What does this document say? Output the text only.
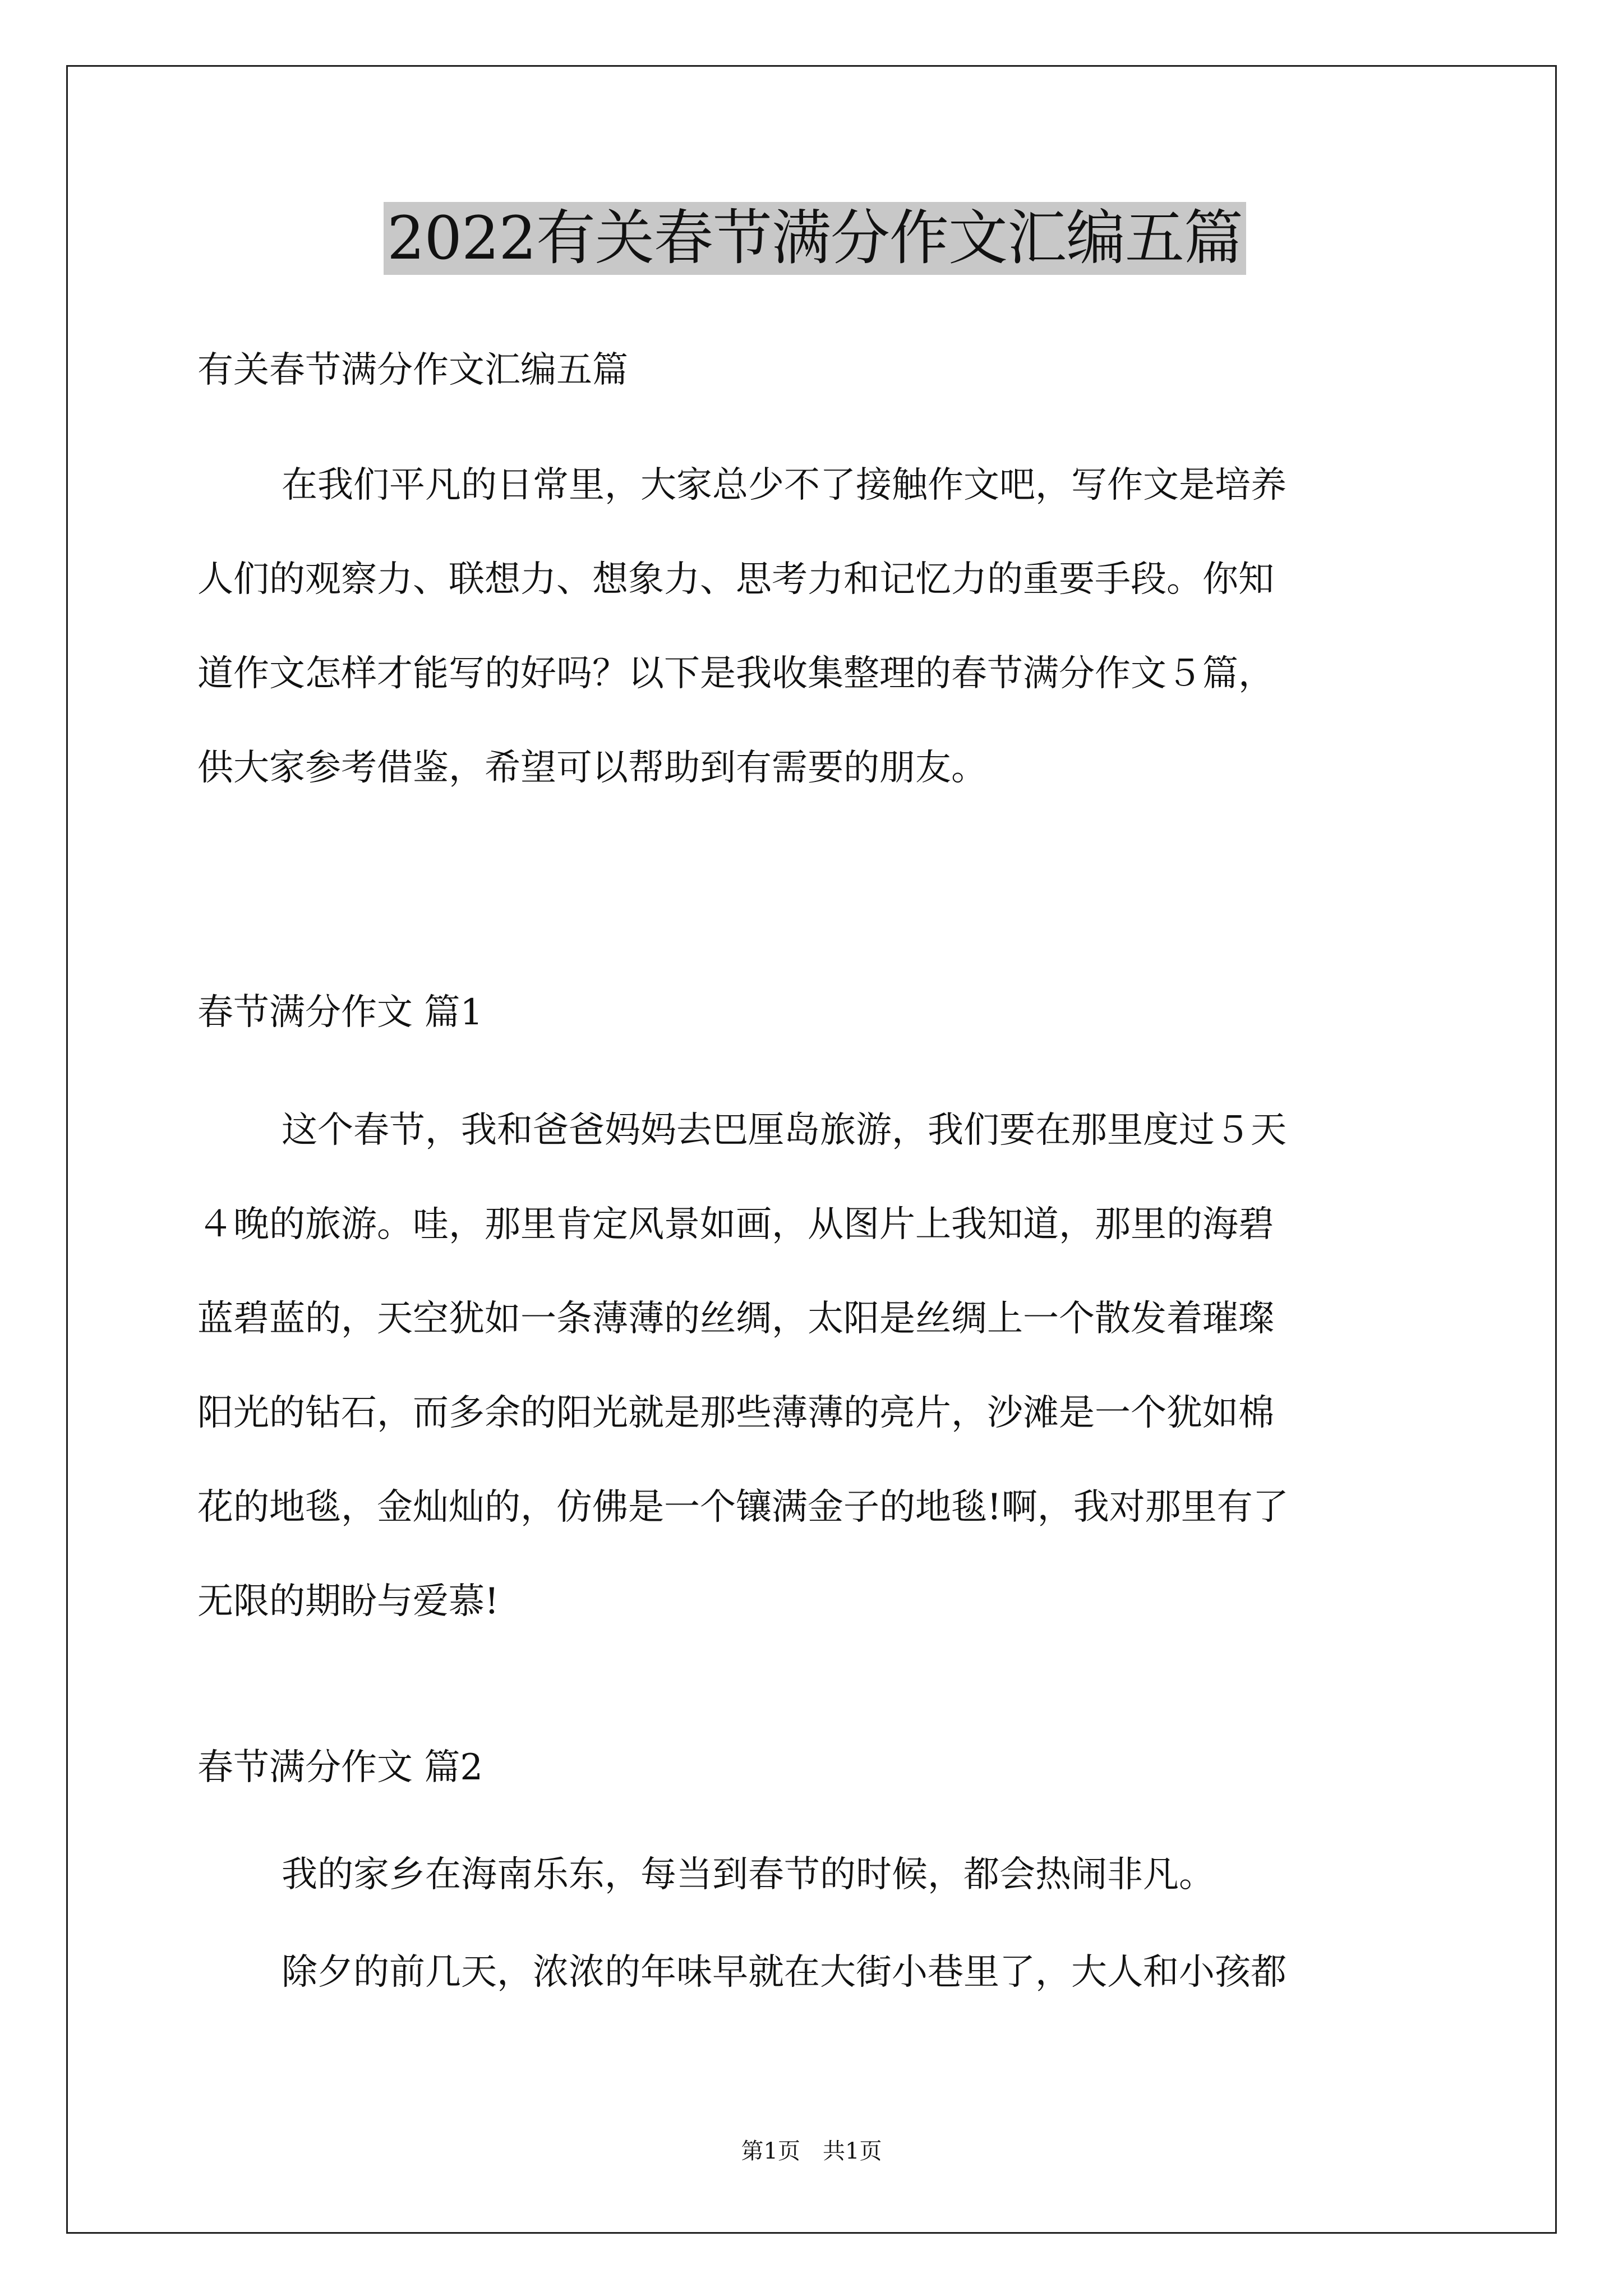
2022有关春节满分作文汇编五篇
有关春节满分作文汇编五篇
在我们平凡的日常里，大家总少不了接触作文吧，写作文是培养
人们的观察力、联想力、想象力、思考力和记忆力的重要手段。你知
道作文怎样才能写的好吗？以下是我收集整理的春节满分作文５篇，
供大家参考借鉴，希望可以帮助到有需要的朋友。
春节满分作文 篇1
这个春节，我和爸爸妈妈去巴厘岛旅游，我们要在那里度过５天
４晚的旅游。哇，那里肯定风景如画，从图片上我知道，那里的海碧
蓝碧蓝的，天空犹如一条薄薄的丝绸，太阳是丝绸上一个散发着璀璨
阳光的钻石，而多余的阳光就是那些薄薄的亮片，沙滩是一个犹如棉
花的地毯，金灿灿的，仿佛是一个镶满金子的地毯!啊，我对那里有了
无限的期盼与爱慕!
春节满分作文 篇2
我的家乡在海南乐东，每当到春节的时候，都会热闹非凡。
除夕的前几天，浓浓的年味早就在大街小巷里了，大人和小孩都
第1页　共1页
